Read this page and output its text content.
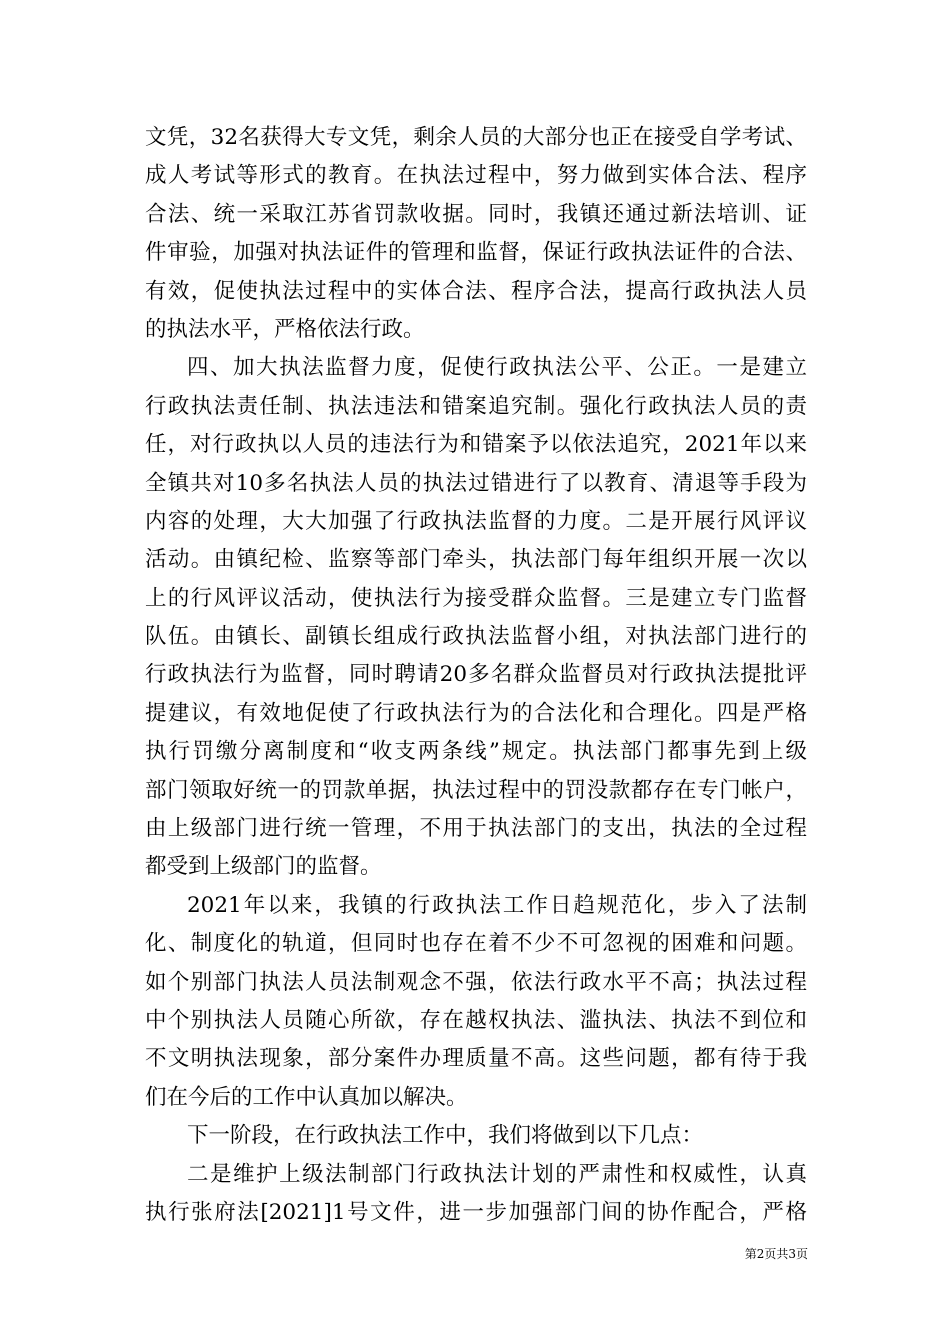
文凭，32名获得大专文凭，剩余人员的大部分也正在接受自学考试、
成人考试等形式的教育。在执法过程中，努力做到实体合法、程序
合法、统一采取江苏省罚款收据。同时，我镇还通过新法培训、证
件审验，加强对执法证件的管理和监督，保证行政执法证件的合法、
有效，促使执法过程中的实体合法、程序合法，提高行政执法人员
的执法水平，严格依法行政。
四、加大执法监督力度，促使行政执法公平、公正。一是建立
行政执法责任制、执法违法和错案追究制。强化行政执法人员的责
任，对行政执以人员的违法行为和错案予以依法追究，2021年以来
全镇共对10多名执法人员的执法过错进行了以教育、清退等手段为
内容的处理，大大加强了行政执法监督的力度。二是开展行风评议
活动。由镇纪检、监察等部门牵头，执法部门每年组织开展一次以
上的行风评议活动，使执法行为接受群众监督。三是建立专门监督
队伍。由镇长、副镇长组成行政执法监督小组，对执法部门进行的
行政执法行为监督，同时聘请20多名群众监督员对行政执法提批评
提建议，有效地促使了行政执法行为的合法化和合理化。四是严格
执行罚缴分离制度和“收支两条线”规定。执法部门都事先到上级
部门领取好统一的罚款单据，执法过程中的罚没款都存在专门帐户，
由上级部门进行统一管理，不用于执法部门的支出，执法的全过程
都受到上级部门的监督。
2021年以来，我镇的行政执法工作日趋规范化，步入了法制
化、制度化的轨道，但同时也存在着不少不可忽视的困难和问题。
如个别部门执法人员法制观念不强，依法行政水平不高；执法过程
中个别执法人员随心所欲，存在越权执法、滥执法、执法不到位和
不文明执法现象，部分案件办理质量不高。这些问题，都有待于我
们在今后的工作中认真加以解决。
下一阶段，在行政执法工作中，我们将做到以下几点：
二是维护上级法制部门行政执法计划的严肃性和权威性，认真
执行张府法[2021]1号文件，进一步加强部门间的协作配合，严格
第2页共3页
